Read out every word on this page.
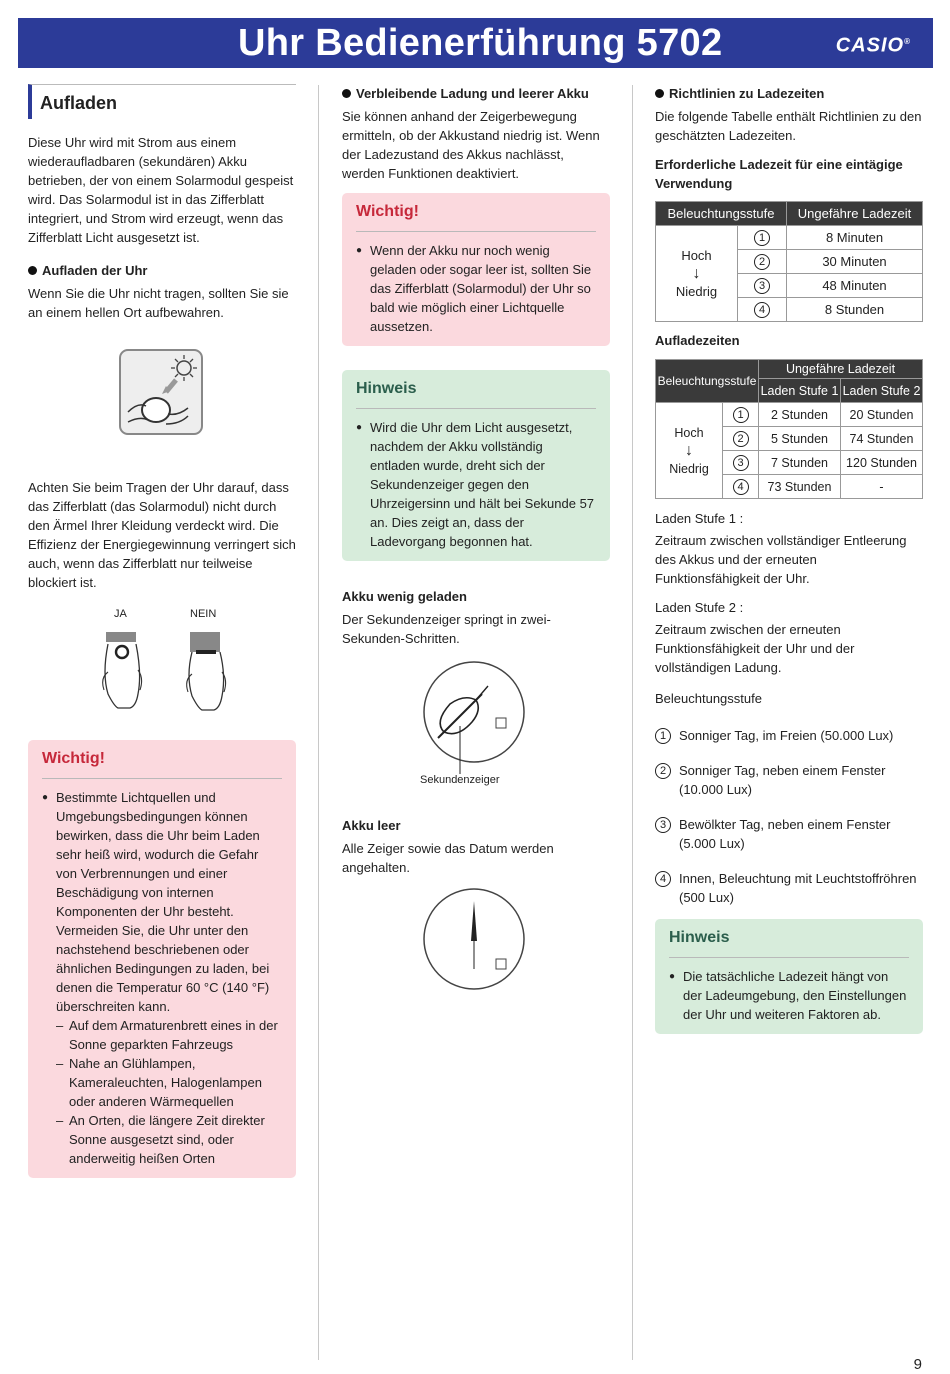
Uhr Bedienerführung 5702	CASIO®
Aufladen

Diese Uhr wird mit Strom aus einem wiederaufladbaren (sekundären) Akku betrieben, der von einem Solarmodul gespeist wird. Das Solarmodul ist in das Zifferblatt integriert, und Strom wird erzeugt, wenn das Zifferblatt Licht ausgesetzt ist.

Aufladen der Uhr

Wenn Sie die Uhr nicht tragen, sollten Sie sie an einem hellen Ort aufbewahren.

Achten Sie beim Tragen der Uhr darauf, dass das Zifferblatt (das Solarmodul) nicht durch den Ärmel Ihrer Kleidung verdeckt wird. Die Effizienz der Energiegewinnung verringert sich auch, wenn das Zifferblatt nur teilweise blockiert ist.

JA	NEIN
Wichtig!
● Bestimmte Lichtquellen und Umgebungsbedingungen können bewirken, dass die Uhr beim Laden sehr heiß wird, wodurch die Gefahr von Verbrennungen und einer Beschädigung von internen Komponenten der Uhr besteht. Vermeiden Sie, die Uhr unter den nachstehend beschriebenen oder ähnlichen Bedingungen zu laden, bei denen die Temperatur 60 °C (140 °F) überschreiten kann.
– Auf dem Armaturenbrett eines in der Sonne geparkten Fahrzeugs
– Nahe an Glühlampen, Kameraleuchten, Halogenlampen oder anderen Wärmequellen
– An Orten, die längere Zeit direkter Sonne ausgesetzt sind, oder anderweitig heißen Orten
Verbleibende Ladung und leerer Akku

Sie können anhand der Zeigerbewegung ermitteln, ob der Akkustand niedrig ist. Wenn der Ladezustand des Akkus nachlässt, werden Funktionen deaktiviert.

Wichtig!
● Wenn der Akku nur noch wenig geladen oder sogar leer ist, sollten Sie das Zifferblatt (Solarmodul) der Uhr so bald wie möglich einer Lichtquelle aussetzen.
Hinweis
● Wird die Uhr dem Licht ausgesetzt, nachdem der Akku vollständig entladen wurde, dreht sich der Sekundenzeiger gegen den Uhrzeigersinn und hält bei Sekunde 57 an. Dies zeigt an, dass der Ladevorgang begonnen hat.
Akku wenig geladen

Der Sekundenzeiger springt in zwei-Sekunden-Schritten.

Sekundenzeiger
Akku leer

Alle Zeiger sowie das Datum werden angehalten.

Richtlinien zu Ladezeiten

Die folgende Tabelle enthält Richtlinien zu den geschätzten Ladezeiten.

Erforderliche Ladezeit für eine eintägige Verwendung
Beleuchtungsstufe		Ungefähre Ladezeit

Hoch
↓
Niedrig	1	8 Minuten
	2	30 Minuten
	3	48 Minuten
	4	8 Stunden
Aufladezeiten
Beleuchtungsstufe		Ungefähre Ladezeit	
		Laden Stufe 1	Laden Stufe 2

Hoch
↓
Niedrig	1	2 Stunden	20 Stunden
	2	5 Stunden	74 Stunden
	3	7 Stunden	120 Stunden
	4	73 Stunden	-
Laden Stufe 1 :

Zeitraum zwischen vollständiger Entleerung des Akkus und der erneuten Funktionsfähigkeit der Uhr.

Laden Stufe 2 :

Zeitraum zwischen der erneuten Funktionsfähigkeit der Uhr und der vollständigen Ladung.

Beleuchtungsstufe
1 Sonniger Tag, im Freien (50.000 Lux)
2 Sonniger Tag, neben einem Fenster (10.000 Lux)
3 Bewölkter Tag, neben einem Fenster (5.000 Lux)
4 Innen, Beleuchtung mit Leuchtstoffröhren (500 Lux)
Hinweis
● Die tatsächliche Ladezeit hängt von der Ladeumgebung, den Einstellungen der Uhr und weiteren Faktoren ab.
9
